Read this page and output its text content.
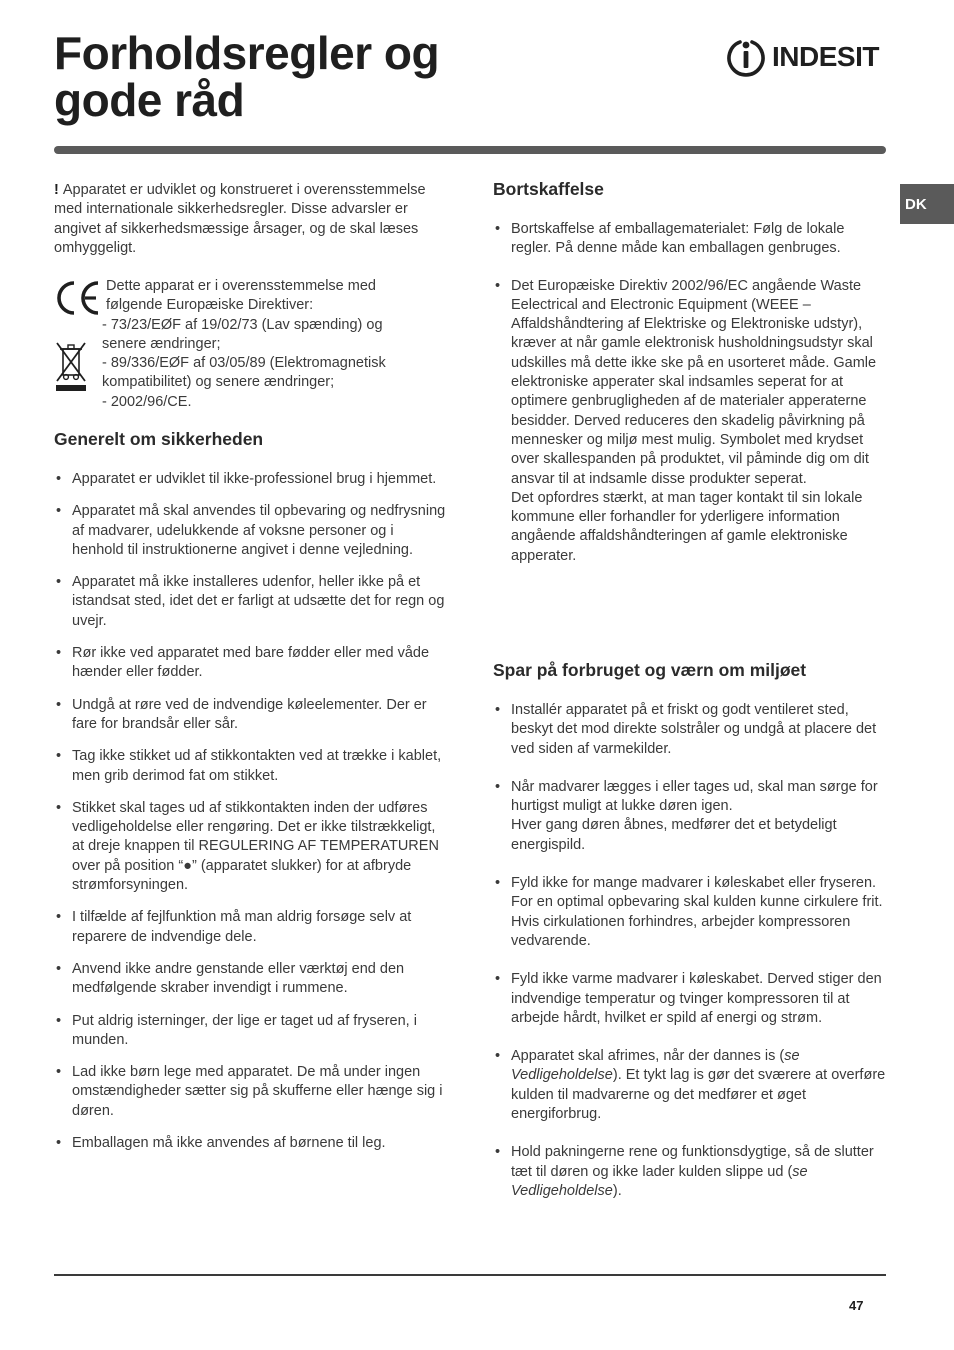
Forholdsregler og
gode råd
INDESIT
DK

! Apparatet er udviklet og konstrueret i overensstemmelse med internationale sikkerhedsregler. Disse advarsler er angivet af sikkerhedsmæssige årsager, og de skal læses omhyggeligt.

Dette apparat er i overensstemmelse med

følgende Europæiske Direktiver:

- 73/23/EØF af 19/02/73 (Lav spænding) og

senere ændringer;

- 89/336/EØF af 03/05/89 (Elektromagnetisk

kompatibilitet) og senere ændringer;

- 2002/96/CE.

Generelt om sikkerheden
• Apparatet er udviklet til ikke-professionel brug i hjemmet.
• Apparatet må skal anvendes til opbevaring og nedfrysning af madvarer, udelukkende af voksne personer og i henhold til instruktionerne angivet i denne vejledning.
• Apparatet må ikke installeres udenfor, heller ikke på et istandsat sted, idet det er farligt at udsætte det for regn og uvejr.
• Rør ikke ved apparatet med bare fødder eller med våde hænder eller fødder.
• Undgå at røre ved de indvendige køleelementer. Der er fare for brandsår eller sår.
• Tag ikke stikket ud af stikkontakten ved at trække i kablet, men grib derimod fat om stikket.
• Stikket skal tages ud af stikkontakten inden der udføres vedligeholdelse eller rengøring. Det er ikke tilstrækkeligt, at dreje knappen til REGULERING AF TEMPERATUREN over på position “●” (apparatet slukker) for at afbryde strømforsyningen.
• I tilfælde af fejlfunktion må man aldrig forsøge selv at reparere de indvendige dele.
• Anvend ikke andre genstande eller værktøj end den medfølgende skraber invendigt i rummene.
• Put aldrig isterninger, der lige er taget ud af fryseren, i munden.
• Lad ikke børn lege med apparatet. De må under ingen omstændigheder sætter sig på skufferne eller hænge sig i døren.
• Emballagen må ikke anvendes af børnene til leg.
Bortskaffelse
• Bortskaffelse af emballagematerialet: Følg de lokale regler. På denne måde kan emballagen genbruges.
• Det Europæiske Direktiv 2002/96/EC angående Waste Eelectrical and Electronic Equipment (WEEE – Affaldshåndtering af Elektriske og Elektroniske udstyr), kræver at når gamle elektronisk husholdningsudstyr skal udskilles må dette ikke ske på en usorteret måde. Gamle elektroniske apperater skal indsamles seperat for at optimere genbrugligheden af de materialer apperaterne besidder. Derved reduceres den skadelig påvirkning på mennesker og miljø mest mulig. Symbolet med krydset over skallespanden på produktet, vil påminde dig om dit ansvar til at indsamle disse produkter seperat.
Det opfordres stærkt, at man tager kontakt til sin lokale kommune eller forhandler for yderligere information angående affaldshåndteringen af gamle elektroniske apperater.
Spar på forbruget og værn om miljøet
• Installér apparatet på et friskt og godt ventileret sted, beskyt det mod direkte solstråler og undgå at placere det ved siden af varmekilder.
• Når madvarer lægges i eller tages ud, skal man sørge for hurtigst muligt at lukke døren igen.
Hver gang døren åbnes, medfører det et betydeligt energispild.
• Fyld ikke for mange madvarer i køleskabet eller fryseren. For en optimal opbevaring skal kulden kunne cirkulere frit. Hvis cirkulationen forhindres, arbejder kompressoren vedvarende.
• Fyld ikke varme madvarer i køleskabet. Derved stiger den indvendige temperatur og tvinger kompressoren til at arbejde hårdt, hvilket er spild af energi og strøm.
• Apparatet skal afrimes, når der dannes is (se Vedligeholdelse). Et tykt lag is gør det sværere at overføre kulden til madvarerne og det medfører et øget energiforbrug.
• Hold pakningerne rene og funktionsdygtige, så de slutter tæt til døren og ikke lader kulden slippe ud (se Vedligeholdelse).
47
